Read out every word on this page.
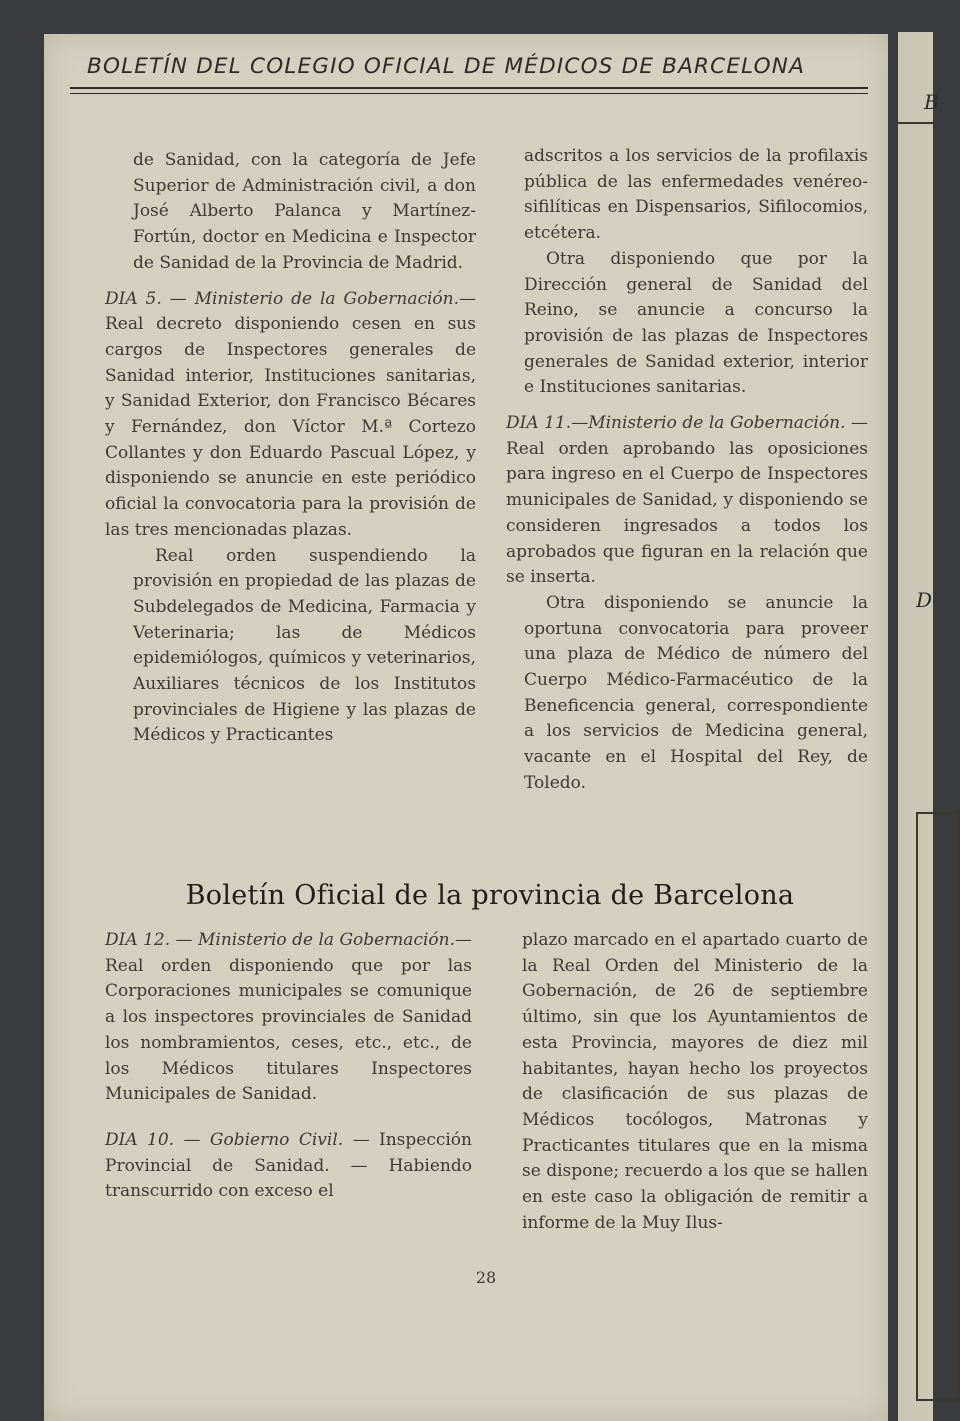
B
D
BOLETÍN DEL COLEGIO OFICIAL DE MÉDICOS DE BARCELONA

de Sanidad, con la categoría de Jefe Superior de Administración civil, a don José Alberto Palanca y Martínez-Fortún, doctor en Medicina e Inspector de Sanidad de la Provincia de Madrid.

DIA 5. — Ministerio de la Gobernación.—Real decreto disponiendo cesen en sus cargos de Inspectores generales de Sanidad interior, Instituciones sanitarias, y Sanidad Exterior, don Francisco Bécares y Fernández, don Víctor M.ª Cortezo Collantes y don Eduardo Pascual López, y disponiendo se anuncie en este periódico oficial la convocatoria para la provisión de las tres mencionadas plazas.

Real orden suspendiendo la provisión en propiedad de las plazas de Subdelegados de Medicina, Farmacia y Veterinaria; las de Médicos epidemiólogos, químicos y veterinarios, Auxiliares técnicos de los Institutos provinciales de Higiene y las plazas de Médicos y Practicantes

adscritos a los servicios de la profilaxis pública de las enfermedades venéreo-sifilíticas en Dispensarios, Sifilocomios, etcétera.

Otra disponiendo que por la Dirección general de Sanidad del Reino, se anuncie a concurso la provisión de las plazas de Inspectores generales de Sanidad exterior, interior e Instituciones sanitarias.

DIA 11.—Ministerio de la Gobernación. — Real orden aprobando las oposiciones para ingreso en el Cuerpo de Inspectores municipales de Sanidad, y disponiendo se consideren ingresados a todos los aprobados que figuran en la relación que se inserta.

Otra disponiendo se anuncie la oportuna convocatoria para proveer una plaza de Médico de número del Cuerpo Médico-Farmacéutico de la Beneficencia general, correspondiente a los servicios de Medicina general, vacante en el Hospital del Rey, de Toledo.

Boletín Oficial de la provincia de Barcelona

DIA 12. — Ministerio de la Gobernación.—Real orden disponiendo que por las Corporaciones municipales se comunique a los inspectores provinciales de Sanidad los nombramientos, ceses, etc., etc., de los Médicos titulares Inspectores Municipales de Sanidad.

DIA 10. — Gobierno Civil. — Inspección Provincial de Sanidad. — Habiendo transcurrido con exceso el

plazo marcado en el apartado cuarto de la Real Orden del Ministerio de la Gobernación, de 26 de septiembre último, sin que los Ayuntamientos de esta Provincia, mayores de diez mil habitantes, hayan hecho los proyectos de clasificación de sus plazas de Médicos tocólogos, Matronas y Practicantes titulares que en la misma se dispone; recuerdo a los que se hallen en este caso la obligación de remitir a informe de la Muy Ilus-

28
